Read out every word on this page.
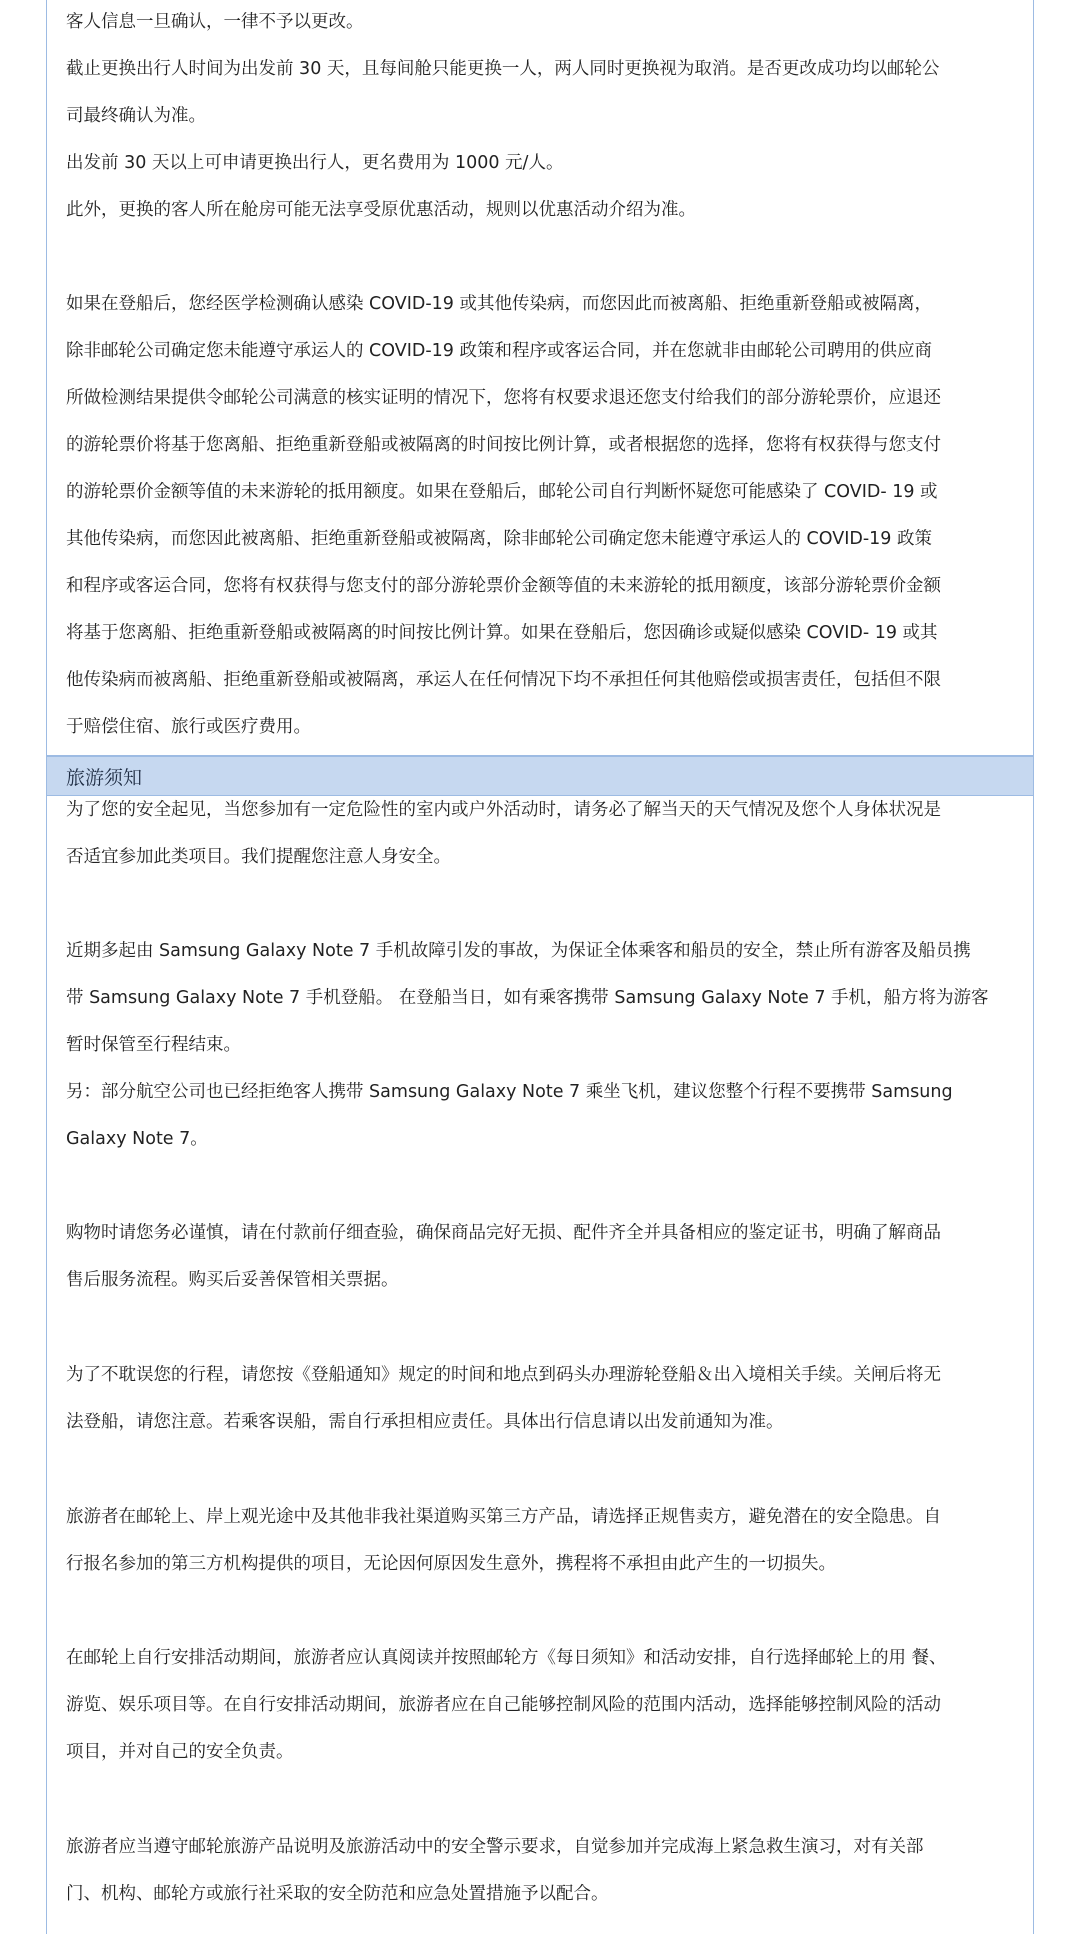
客人信息一旦确认，一律不予以更改。
截止更换出行人时间为出发前 30 天，且每间舱只能更换一人，两人同时更换视为取消。是否更改成功均以邮轮公
司最终确认为准。
出发前 30 天以上可申请更换出行人，更名费用为 1000 元/人。
此外，更换的客人所在舱房可能无法享受原优惠活动，规则以优惠活动介绍为准。
如果在登船后，您经医学检测确认感染 COVID-19 或其他传染病，而您因此而被离船、拒绝重新登船或被隔离，
除非邮轮公司确定您未能遵守承运人的 COVID-19 政策和程序或客运合同，并在您就非由邮轮公司聘用的供应商
所做检测结果提供令邮轮公司满意的核实证明的情况下，您将有权要求退还您支付给我们的部分游轮票价，应退还
的游轮票价将基于您离船、拒绝重新登船或被隔离的时间按比例计算，或者根据您的选择，您将有权获得与您支付
的游轮票价金额等值的未来游轮的抵用额度。如果在登船后，邮轮公司自行判断怀疑您可能感染了 COVID- 19 或
其他传染病，而您因此被离船、拒绝重新登船或被隔离，除非邮轮公司确定您未能遵守承运人的 COVID-19 政策
和程序或客运合同，您将有权获得与您支付的部分游轮票价金额等值的未来游轮的抵用额度，该部分游轮票价金额
将基于您离船、拒绝重新登船或被隔离的时间按比例计算。如果在登船后，您因确诊或疑似感染 COVID- 19 或其
他传染病而被离船、拒绝重新登船或被隔离，承运人在任何情况下均不承担任何其他赔偿或损害责任，包括但不限
于赔偿住宿、旅行或医疗费用。
旅游须知
为了您的安全起见，当您参加有一定危险性的室内或户外活动时，请务必了解当天的天气情况及您个人身体状况是
否适宜参加此类项目。我们提醒您注意人身安全。
近期多起由 Samsung Galaxy Note 7 手机故障引发的事故，为保证全体乘客和船员的安全，禁止所有游客及船员携
带 Samsung Galaxy Note 7 手机登船。 在登船当日，如有乘客携带 Samsung Galaxy Note 7 手机，船方将为游客
暂时保管至行程结束。
另：部分航空公司也已经拒绝客人携带 Samsung Galaxy Note 7 乘坐飞机，建议您整个行程不要携带 Samsung
Galaxy Note 7。
购物时请您务必谨慎，请在付款前仔细查验，确保商品完好无损、配件齐全并具备相应的鉴定证书，明确了解商品
售后服务流程。购买后妥善保管相关票据。
为了不耽误您的行程，请您按《登船通知》规定的时间和地点到码头办理游轮登船＆出入境相关手续。关闸后将无
法登船，请您注意。若乘客误船，需自行承担相应责任。具体出行信息请以出发前通知为准。
旅游者在邮轮上、岸上观光途中及其他非我社渠道购买第三方产品，请选择正规售卖方，避免潜在的安全隐患。自
行报名参加的第三方机构提供的项目，无论因何原因发生意外，携程将不承担由此产生的一切损失。
在邮轮上自行安排活动期间，旅游者应认真阅读并按照邮轮方《每日须知》和活动安排，自行选择邮轮上的用 餐、
游览、娱乐项目等。在自行安排活动期间，旅游者应在自己能够控制风险的范围内活动，选择能够控制风险的活动
项目，并对自己的安全负责。
旅游者应当遵守邮轮旅游产品说明及旅游活动中的安全警示要求，自觉参加并完成海上紧急救生演习，对有关部
门、机构、邮轮方或旅行社采取的安全防范和应急处置措施予以配合。
